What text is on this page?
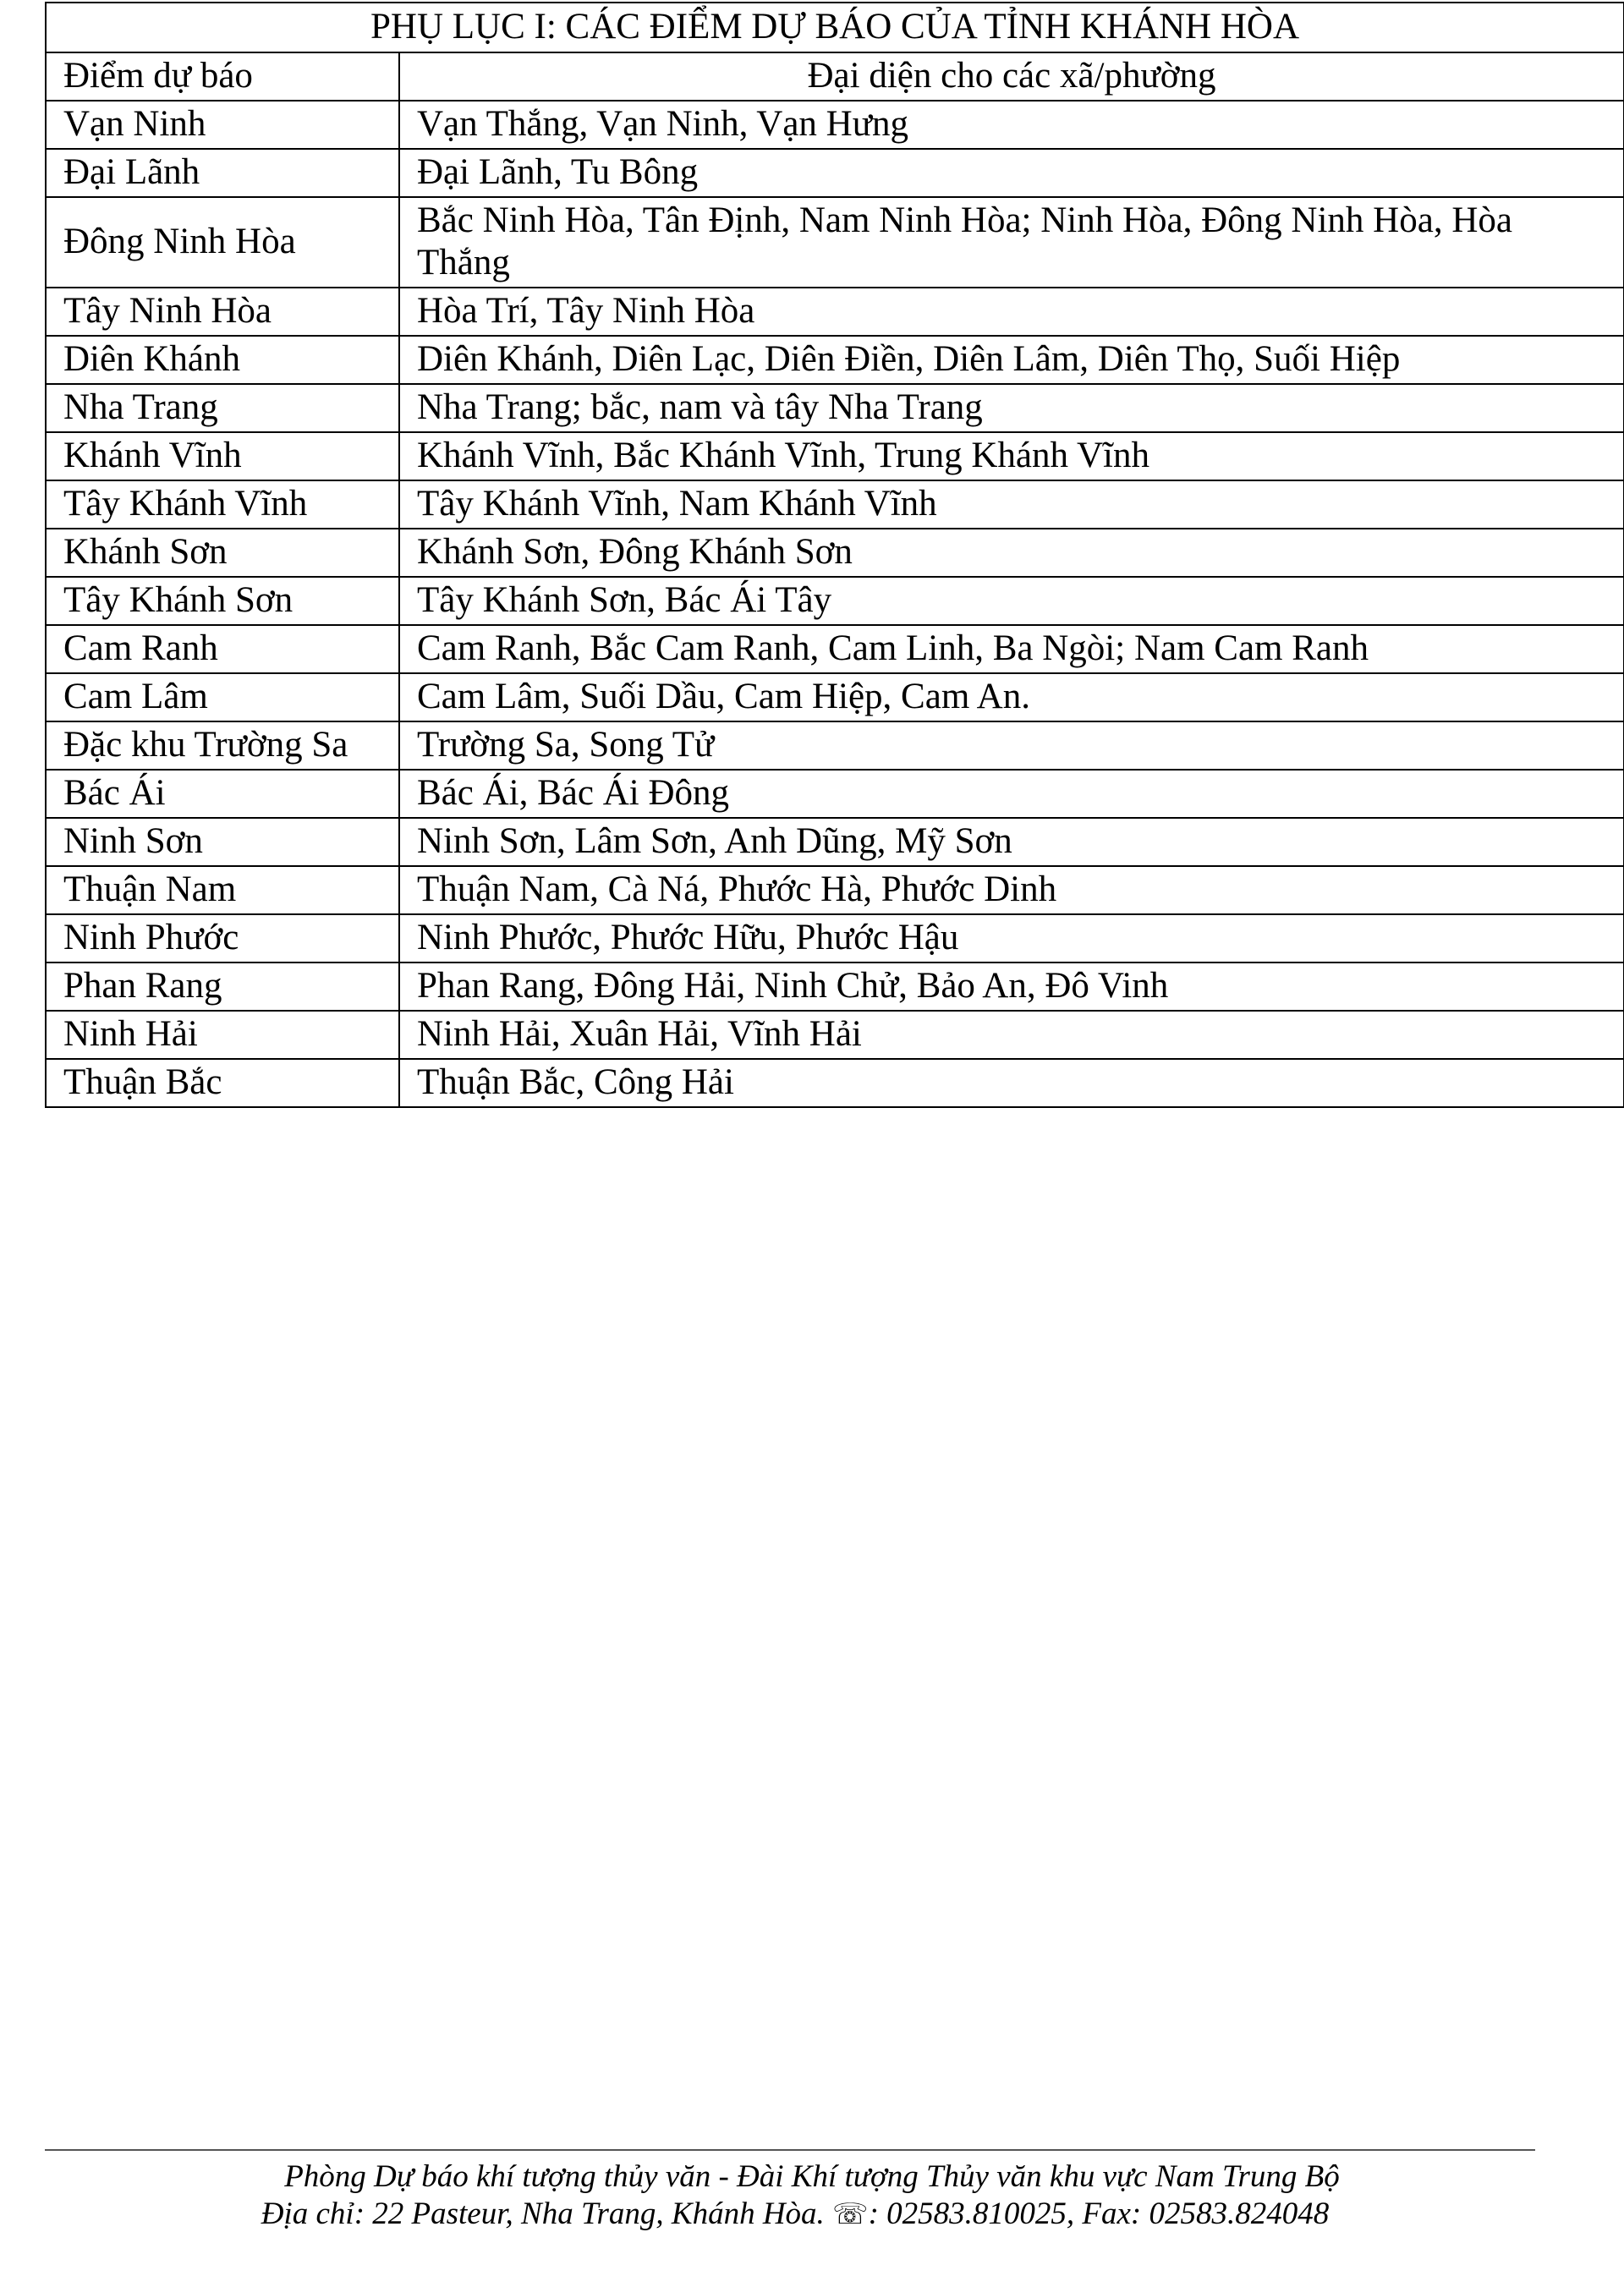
PHỤ LỤC I: CÁC ĐIỂM DỰ BÁO CỦA TỈNH KHÁNH HÒA	
Điểm dự báo	Đại diện cho các xã/phường
Vạn Ninh	Vạn Thắng, Vạn Ninh, Vạn Hưng
Đại Lãnh	Đại Lãnh, Tu Bông
Đông Ninh Hòa	Bắc Ninh Hòa, Tân Định, Nam Ninh Hòa; Ninh Hòa, Đông Ninh Hòa, Hòa Thắng
Tây Ninh Hòa	Hòa Trí, Tây Ninh Hòa
Diên Khánh	Diên Khánh, Diên Lạc, Diên Điền, Diên Lâm, Diên Thọ, Suối Hiệp
Nha Trang	Nha Trang; bắc, nam và tây Nha Trang
Khánh Vĩnh	Khánh Vĩnh, Bắc Khánh Vĩnh, Trung Khánh Vĩnh
Tây Khánh Vĩnh	Tây Khánh Vĩnh, Nam Khánh Vĩnh
Khánh Sơn	Khánh Sơn, Đông Khánh Sơn
Tây Khánh Sơn	Tây Khánh Sơn, Bác Ái Tây
Cam Ranh	Cam Ranh, Bắc Cam Ranh, Cam Linh, Ba Ngòi; Nam Cam Ranh
Cam Lâm	Cam Lâm, Suối Dầu, Cam Hiệp, Cam An.
Đặc khu Trường Sa	Trường Sa, Song Tử
Bác Ái	Bác Ái, Bác Ái Đông
Ninh Sơn	Ninh Sơn, Lâm Sơn, Anh Dũng, Mỹ Sơn
Thuận Nam	Thuận Nam, Cà Ná, Phước Hà, Phước Dinh
Ninh Phước	Ninh Phước, Phước Hữu, Phước Hậu
Phan Rang	Phan Rang, Đông Hải, Ninh Chử, Bảo An, Đô Vinh
Ninh Hải	Ninh Hải, Xuân Hải, Vĩnh Hải
Thuận Bắc	Thuận Bắc, Công Hải
Phòng Dự báo khí tượng thủy văn - Đài Khí tượng Thủy văn khu vực Nam Trung Bộ
Địa chỉ: 22 Pasteur, Nha Trang, Khánh Hòa. ☏: 02583.810025, Fax: 02583.824048
